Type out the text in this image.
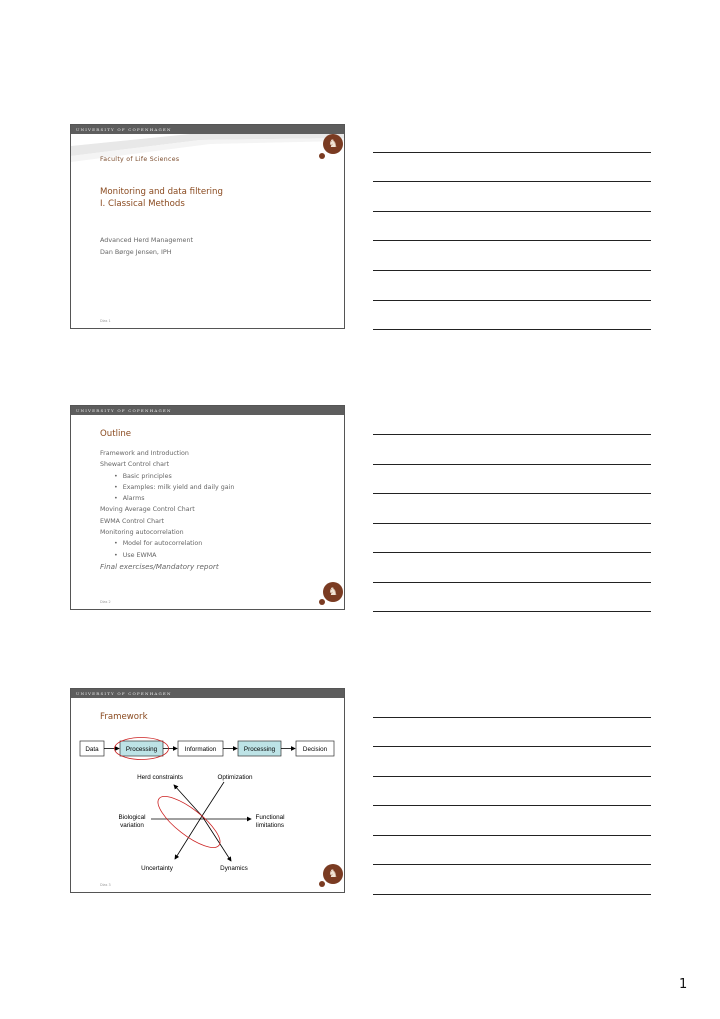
UNIVERSITY OF COPENHAGEN
Faculty of Life Sciences
♞
Monitoring and data filtering
I. Classical Methods
Advanced Herd Management
Dan Børge Jensen, IPH
Dias 1
UNIVERSITY OF COPENHAGEN
Outline
Framework and Introduction
Shewart Control chart
• Basic principles
• Examples: milk yield and daily gain
• Alarms
Moving Average Control Chart
EWMA Control Chart
Monitoring autocorrelation
• Model for autocorrelation
• Use EWMA
Final exercises/Mandatory report
♞
Dias 2
UNIVERSITY OF COPENHAGEN
Framework
Data	Processing	Information	Processing	Decision
Herd constraints	Optimization
Biological
variation
Functional
limitations
Uncertainty	Dynamics	♞
Dias 3
1
